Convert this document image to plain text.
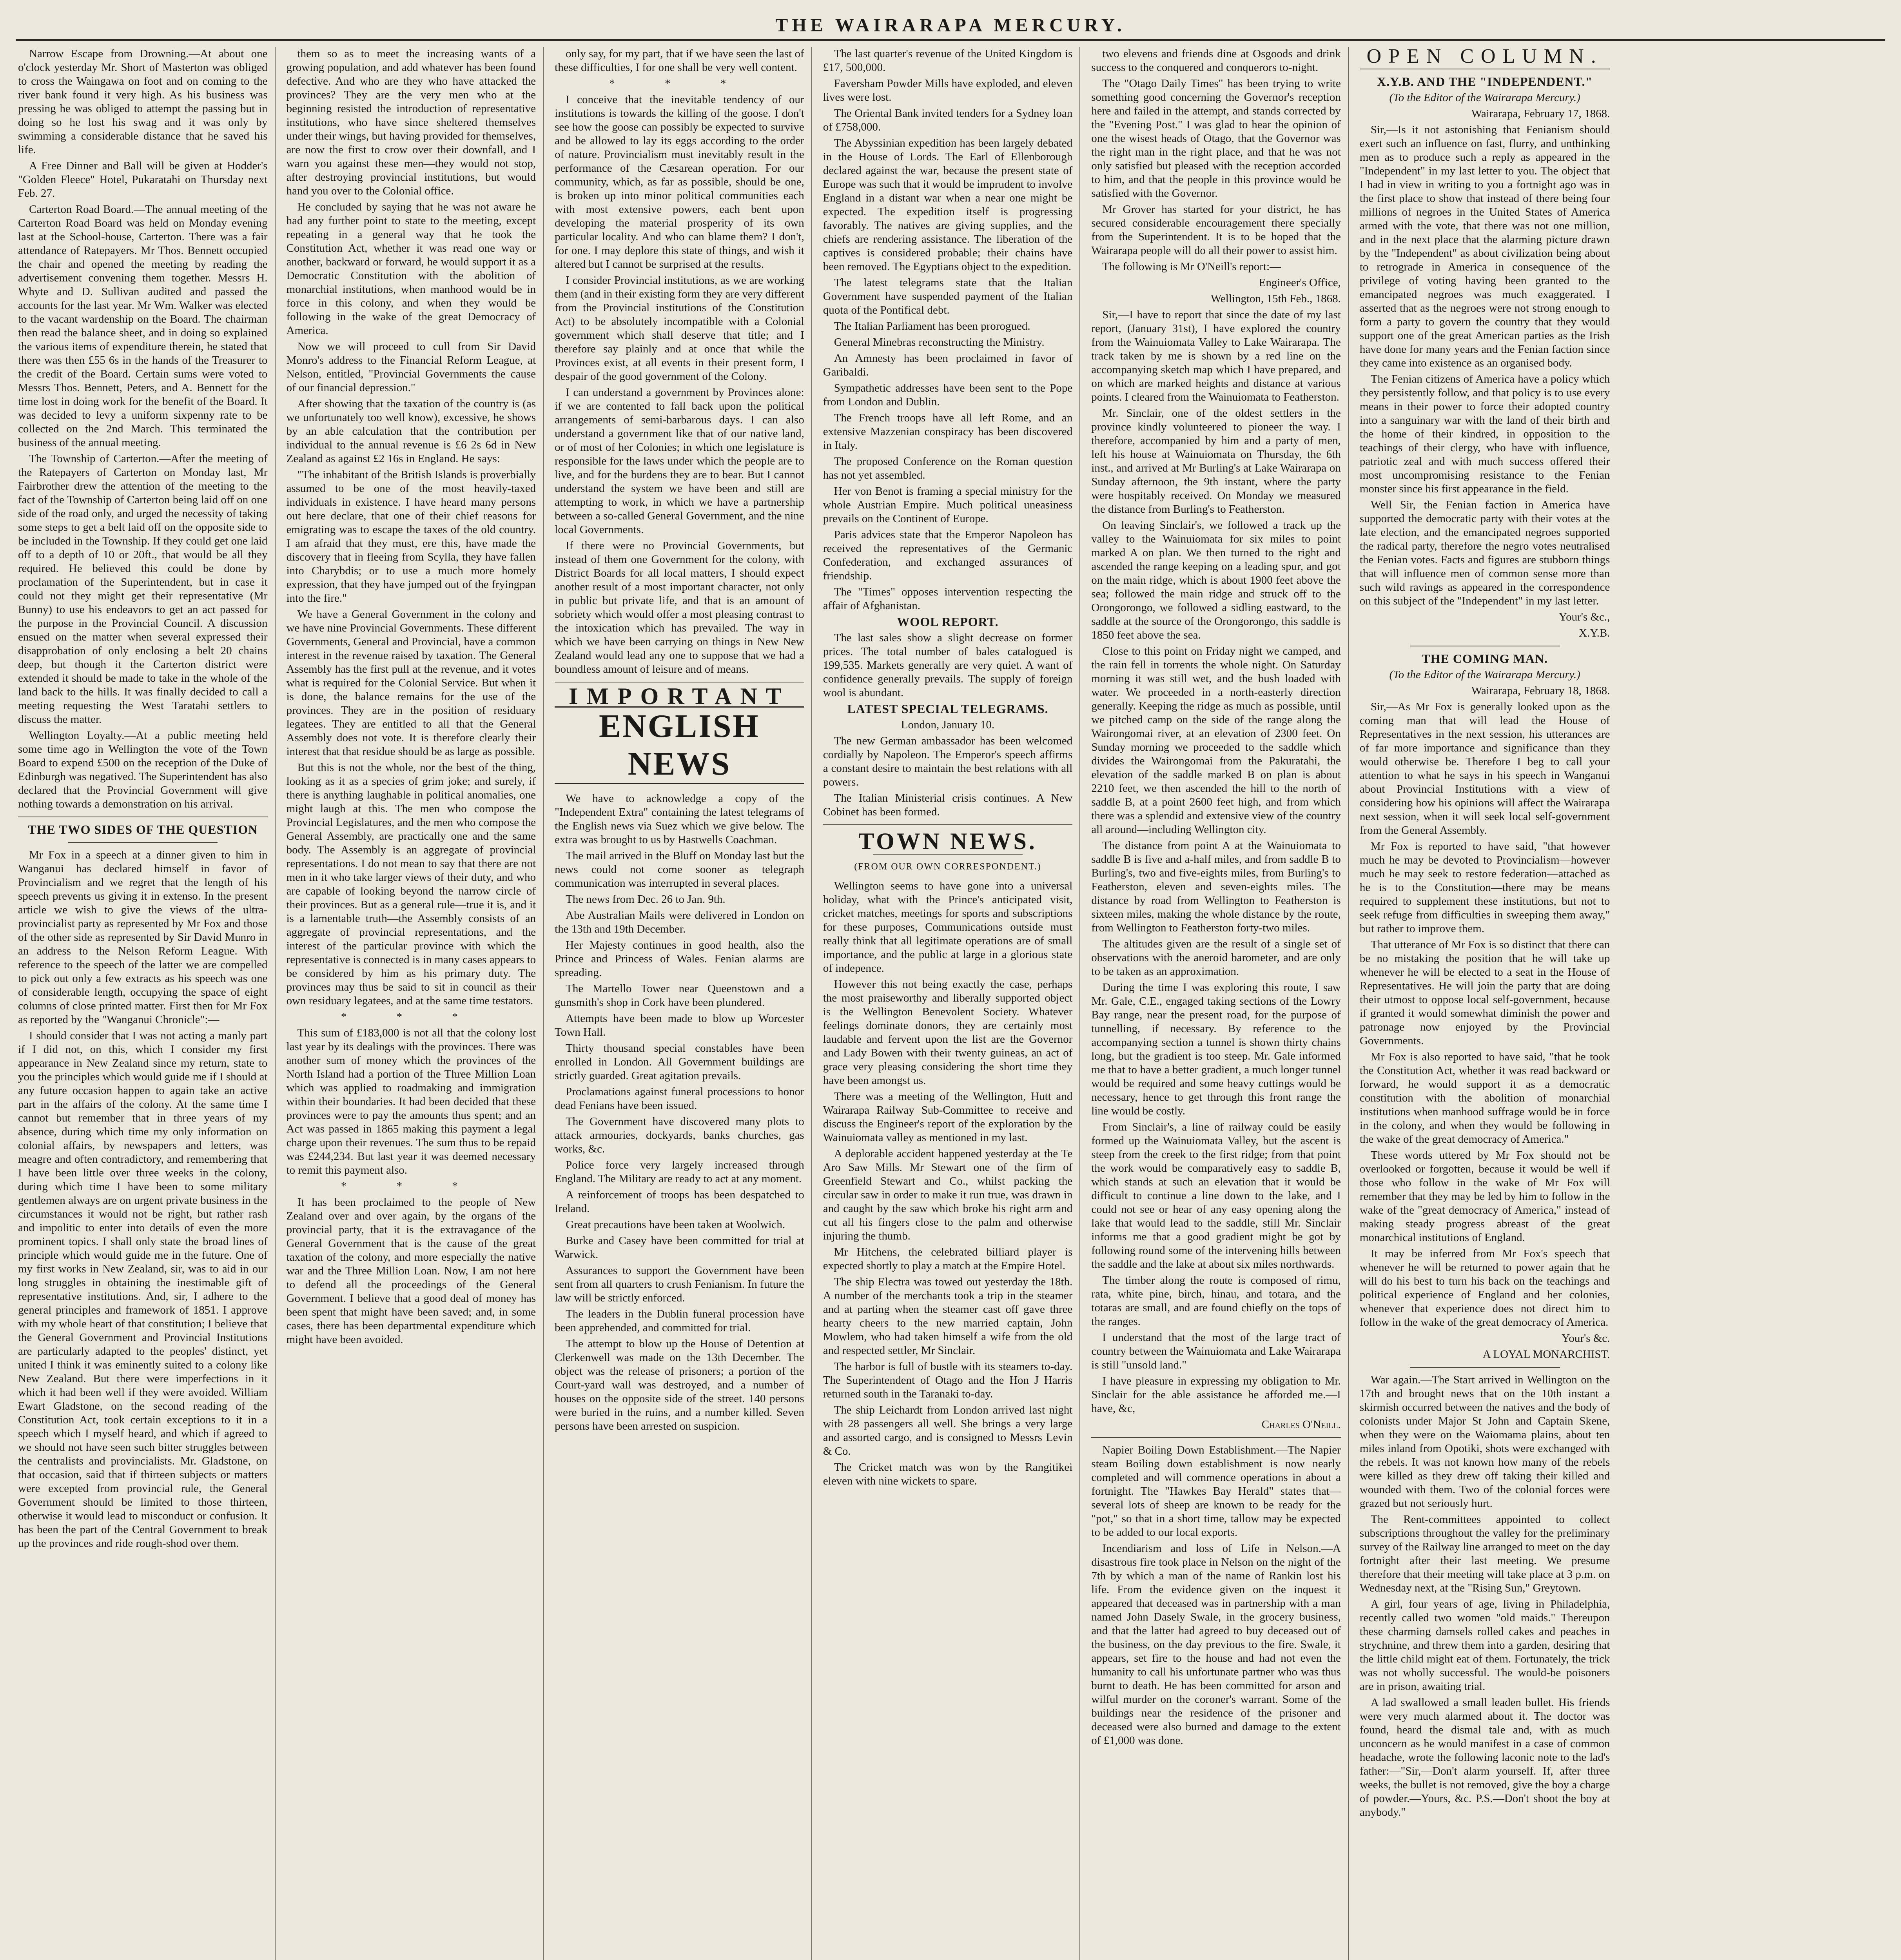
THE WAIRARAPA MERCURY.

Narrow Escape from Drowning.—At about one o'clock yesterday Mr. Short of Masterton was obliged to cross the Waingawa on foot and on coming to the river bank found it very high. As his business was pressing he was obliged to attempt the passing but in doing so he lost his swag and it was only by swimming a considerable distance that he saved his life.

A Free Dinner and Ball will be given at Hodder's "Golden Fleece" Hotel, Pukaratahi on Thursday next Feb. 27.

Carterton Road Board.—The annual meeting of the Carterton Road Board was held on Monday evening last at the School-house, Carterton. There was a fair attendance of Ratepayers. Mr Thos. Bennett occupied the chair and opened the meeting by reading the advertisement convening them together. Messrs H. Whyte and D. Sullivan audited and passed the accounts for the last year. Mr Wm. Walker was elected to the vacant wardenship on the Board. The chairman then read the balance sheet, and in doing so explained the various items of expenditure therein, he stated that there was then £55 6s in the hands of the Treasurer to the credit of the Board. Certain sums were voted to Messrs Thos. Bennett, Peters, and A. Bennett for the time lost in doing work for the benefit of the Board. It was decided to levy a uniform sixpenny rate to be collected on the 2nd March. This terminated the business of the annual meeting.

The Township of Carterton.—After the meeting of the Ratepayers of Carterton on Monday last, Mr Fairbrother drew the attention of the meeting to the fact of the Township of Carterton being laid off on one side of the road only, and urged the necessity of taking some steps to get a belt laid off on the opposite side to be included in the Township. If they could get one laid off to a depth of 10 or 20ft., that would be all they required. He believed this could be done by proclamation of the Superintendent, but in case it could not they might get their representative (Mr Bunny) to use his endeavors to get an act passed for the purpose in the Provincial Council. A discussion ensued on the matter when several expressed their disapprobation of only enclosing a belt 20 chains deep, but though it the Carterton district were extended it should be made to take in the whole of the land back to the hills. It was finally decided to call a meeting requesting the West Taratahi settlers to discuss the matter.

Wellington Loyalty.—At a public meeting held some time ago in Wellington the vote of the Town Board to expend £500 on the reception of the Duke of Edinburgh was negatived. The Superintendent has also declared that the Provincial Government will give nothing towards a demonstration on his arrival.

THE TWO SIDES OF THE QUESTION

Mr Fox in a speech at a dinner given to him in Wanganui has declared himself in favor of Provincialism and we regret that the length of his speech prevents us giving it in extenso. In the present article we wish to give the views of the ultra-provincialist party as represented by Mr Fox and those of the other side as represented by Sir David Munro in an address to the Nelson Reform League. With reference to the speech of the latter we are compelled to pick out only a few extracts as his speech was one of considerable length, occupying the space of eight columns of close printed matter. First then for Mr Fox as reported by the "Wanganui Chronicle":—

I should consider that I was not acting a manly part if I did not, on this, which I consider my first appearance in New Zealand since my return, state to you the principles which would guide me if I should at any future occasion happen to again take an active part in the affairs of the colony. At the same time I cannot but remember that in three years of my absence, during which time my only information on colonial affairs, by newspapers and letters, was meagre and often contradictory, and remembering that I have been little over three weeks in the colony, during which time I have been to some military gentlemen always are on urgent private business in the circumstances it would not be right, but rather rash and impolitic to enter into details of even the more prominent topics. I shall only state the broad lines of principle which would guide me in the future. One of my first works in New Zealand, sir, was to aid in our long struggles in obtaining the inestimable gift of representative institutions. And, sir, I adhere to the general principles and framework of 1851. I approve with my whole heart of that constitution; I believe that the General Government and Provincial Institutions are particularly adapted to the peoples' distinct, yet united I think it was eminently suited to a colony like New Zealand. But there were imperfections in it which it had been well if they were avoided. William Ewart Gladstone, on the second reading of the Constitution Act, took certain exceptions to it in a speech which I myself heard, and which if agreed to we should not have seen such bitter struggles between the centralists and provincialists. Mr. Gladstone, on that occasion, said that if thirteen subjects or matters were excepted from provincial rule, the General Government should be limited to those thirteen, otherwise it would lead to misconduct or confusion. It has been the part of the Central Government to break up the provinces and ride rough-shod over them.

them so as to meet the increasing wants of a growing population, and add whatever has been found defective. And who are they who have attacked the provinces? They are the very men who at the beginning resisted the introduction of representative institutions, who have since sheltered themselves under their wings, but having provided for themselves, are now the first to crow over their downfall, and I warn you against these men—they would not stop, after destroying provincial institutions, but would hand you over to the Colonial office.

He concluded by saying that he was not aware he had any further point to state to the meeting, except repeating in a general way that he took the Constitution Act, whether it was read one way or another, backward or forward, he would support it as a Democratic Constitution with the abolition of monarchial institutions, when manhood would be in force in this colony, and when they would be following in the wake of the great Democracy of America.

Now we will proceed to cull from Sir David Monro's address to the Financial Reform League, at Nelson, entitled, "Provincial Governments the cause of our financial depression."

After showing that the taxation of the country is (as we unfortunately too well know), excessive, he shows by an able calculation that the contribution per individual to the annual revenue is £6 2s 6d in New Zealand as against £2 16s in England. He says:

"The inhabitant of the British Islands is proverbially assumed to be one of the most heavily-taxed individuals in existence. I have heard many persons out here declare, that one of their chief reasons for emigrating was to escape the taxes of the old country. I am afraid that they must, ere this, have made the discovery that in fleeing from Scylla, they have fallen into Charybdis; or to use a much more homely expression, that they have jumped out of the fryingpan into the fire."

We have a General Government in the colony and we have nine Provincial Governments. These different Governments, General and Provincial, have a common interest in the revenue raised by taxation. The General Assembly has the first pull at the revenue, and it votes what is required for the Colonial Service. But when it is done, the balance remains for the use of the provinces. They are in the position of residuary legatees. They are entitled to all that the General Assembly does not vote. It is therefore clearly their interest that that residue should be as large as possible.

But this is not the whole, nor the best of the thing, looking as it as a species of grim joke; and surely, if there is anything laughable in political anomalies, one might laugh at this. The men who compose the Provincial Legislatures, and the men who compose the General Assembly, are practically one and the same body. The Assembly is an aggregate of provincial representations. I do not mean to say that there are not men in it who take larger views of their duty, and who are capable of looking beyond the narrow circle of their provinces. But as a general rule—true it is, and it is a lamentable truth—the Assembly consists of an aggregate of provincial representations, and the interest of the particular province with which the representative is connected is in many cases appears to be considered by him as his primary duty. The provinces may thus be said to sit in council as their own residuary legatees, and at the same time testators.

* * *

This sum of £183,000 is not all that the colony lost last year by its dealings with the provinces. There was another sum of money which the provinces of the North Island had a portion of the Three Million Loan which was applied to roadmaking and immigration within their boundaries. It had been decided that these provinces were to pay the amounts thus spent; and an Act was passed in 1865 making this payment a legal charge upon their revenues. The sum thus to be repaid was £244,234. But last year it was deemed necessary to remit this payment also.

* * *

It has been proclaimed to the people of New Zealand over and over again, by the organs of the provincial party, that it is the extravagance of the General Government that is the cause of the great taxation of the colony, and more especially the native war and the Three Million Loan. Now, I am not here to defend all the proceedings of the General Government. I believe that a good deal of money has been spent that might have been saved; and, in some cases, there has been departmental expenditure which might have been avoided.

only say, for my part, that if we have seen the last of these difficulties, I for one shall be very well content.

* * *

I conceive that the inevitable tendency of our institutions is towards the killing of the goose. I don't see how the goose can possibly be expected to survive and be allowed to lay its eggs according to the order of nature. Provincialism must inevitably result in the performance of the Cæsarean operation. For our community, which, as far as possible, should be one, is broken up into minor political communities each with most extensive powers, each bent upon developing the material prosperity of its own particular locality. And who can blame them? I don't, for one. I may deplore this state of things, and wish it altered but I cannot be surprised at the results.

I consider Provincial institutions, as we are working them (and in their existing form they are very different from the Provincial institutions of the Constitution Act) to be absolutely incompatible with a Colonial government which shall deserve that title; and I therefore say plainly and at once that while the Provinces exist, at all events in their present form, I despair of the good government of the Colony.

I can understand a government by Provinces alone: if we are contented to fall back upon the political arrangements of semi-barbarous days. I can also understand a government like that of our native land, or of most of her Colonies; in which one legislature is responsible for the laws under which the people are to live, and for the burdens they are to bear. But I cannot understand the system we have been and still are attempting to work, in which we have a partnership between a so-called General Government, and the nine local Governments.

If there were no Provincial Governments, but instead of them one Government for the colony, with District Boards for all local matters, I should expect another result of a most important character, not only in public but private life, and that is an amount of sobriety which would offer a most pleasing contrast to the intoxication which has prevailed. The way in which we have been carrying on things in New New Zealand would lead any one to suppose that we had a boundless amount of leisure and of means.

IMPORTANT
ENGLISH NEWS

We have to acknowledge a copy of the "Independent Extra" containing the latest telegrams of the English news via Suez which we give below. The extra was brought to us by Hastwells Coachman.

The mail arrived in the Bluff on Monday last but the news could not come sooner as telegraph communication was interrupted in several places.

The news from Dec. 26 to Jan. 9th.

Abe Australian Mails were delivered in London on the 13th and 19th December.

Her Majesty continues in good health, also the Prince and Princess of Wales. Fenian alarms are spreading.

The Martello Tower near Queenstown and a gunsmith's shop in Cork have been plundered.

Attempts have been made to blow up Worcester Town Hall.

Thirty thousand special constables have been enrolled in London. All Government buildings are strictly guarded. Great agitation prevails.

Proclamations against funeral processions to honor dead Fenians have been issued.

The Government have discovered many plots to attack armouries, dockyards, banks churches, gas works, &c.

Police force very largely increased through England. The Military are ready to act at any moment.

A reinforcement of troops has been despatched to Ireland.

Great precautions have been taken at Woolwich.

Burke and Casey have been committed for trial at Warwick.

Assurances to support the Government have been sent from all quarters to crush Fenianism. In future the law will be strictly enforced.

The leaders in the Dublin funeral procession have been apprehended, and committed for trial.

The attempt to blow up the House of Detention at Clerkenwell was made on the 13th December. The object was the release of prisoners; a portion of the Court-yard wall was destroyed, and a number of houses on the opposite side of the street. 140 persons were buried in the ruins, and a number killed. Seven persons have been arrested on suspicion.

The last quarter's revenue of the United Kingdom is £17, 500,000.

Faversham Powder Mills have exploded, and eleven lives were lost.

The Oriental Bank invited tenders for a Sydney loan of £758,000.

The Abyssinian expedition has been largely debated in the House of Lords. The Earl of Ellenborough declared against the war, because the present state of Europe was such that it would be imprudent to involve England in a distant war when a near one might be expected. The expedition itself is progressing favorably. The natives are giving supplies, and the chiefs are rendering assistance. The liberation of the captives is considered probable; their chains have been removed. The Egyptians object to the expedition.

The latest telegrams state that the Italian Government have suspended payment of the Italian quota of the Pontifical debt.

The Italian Parliament has been prorogued.

General Minebras reconstructing the Ministry.

An Amnesty has been proclaimed in favor of Garibaldi.

Sympathetic addresses have been sent to the Pope from London and Dublin.

The French troops have all left Rome, and an extensive Mazzenian conspiracy has been discovered in Italy.

The proposed Conference on the Roman question has not yet assembled.

Her von Benot is framing a special ministry for the whole Austrian Empire. Much political uneasiness prevails on the Continent of Europe.

Paris advices state that the Emperor Napoleon has received the representatives of the Germanic Confederation, and exchanged assurances of friendship.

The "Times" opposes intervention respecting the affair of Afghanistan.

WOOL REPORT.

The last sales show a slight decrease on former prices. The total number of bales catalogued is 199,535. Markets generally are very quiet. A want of confidence generally prevails. The supply of foreign wool is abundant.

LATEST SPECIAL TELEGRAMS.

London, January 10.

The new German ambassador has been welcomed cordially by Napoleon. The Emperor's speech affirms a constant desire to maintain the best relations with all powers.

The Italian Ministerial crisis continues. A New Cobinet has been formed.

TOWN NEWS.
(FROM OUR OWN CORRESPONDENT.)

Wellington seems to have gone into a universal holiday, what with the Prince's anticipated visit, cricket matches, meetings for sports and subscriptions for these purposes, Communications outside must really think that all legitimate operations are of small importance, and the public at large in a glorious state of indepence.

However this not being exactly the case, perhaps the most praiseworthy and liberally supported object is the Wellington Benevolent Society. Whatever feelings dominate donors, they are certainly most laudable and fervent upon the list are the Governor and Lady Bowen with their twenty guineas, an act of grace very pleasing considering the short time they have been amongst us.

There was a meeting of the Wellington, Hutt and Wairarapa Railway Sub-Committee to receive and discuss the Engineer's report of the exploration by the Wainuiomata valley as mentioned in my last.

A deplorable accident happened yesterday at the Te Aro Saw Mills. Mr Stewart one of the firm of Greenfield Stewart and Co., whilst packing the circular saw in order to make it run true, was drawn in and caught by the saw which broke his right arm and cut all his fingers close to the palm and otherwise injuring the thumb.

Mr Hitchens, the celebrated billiard player is expected shortly to play a match at the Empire Hotel.

The ship Electra was towed out yesterday the 18th. A number of the merchants took a trip in the steamer and at parting when the steamer cast off gave three hearty cheers to the new married captain, John Mowlem, who had taken himself a wife from the old and respected settler, Mr Sinclair.

The harbor is full of bustle with its steamers to-day. The Superintendent of Otago and the Hon J Harris returned south in the Taranaki to-day.

The ship Leichardt from London arrived last night with 28 passengers all well. She brings a very large and assorted cargo, and is consigned to Messrs Levin & Co.

The Cricket match was won by the Rangitikei eleven with nine wickets to spare.

two elevens and friends dine at Osgoods and drink success to the conquered and conquerors to-night.

The "Otago Daily Times" has been trying to write something good concerning the Governor's reception here and failed in the attempt, and stands corrected by the "Evening Post." I was glad to hear the opinion of one the wisest heads of Otago, that the Governor was the right man in the right place, and that he was not only satisfied but pleased with the reception accorded to him, and that the people in this province would be satisfied with the Governor.

Mr Grover has started for your district, he has secured considerable encouragement there specially from the Superintendent. It is to be hoped that the Wairarapa people will do all their power to assist him.

The following is Mr O'Neill's report:—

Engineer's Office,

Wellington, 15th Feb., 1868.

Sir,—I have to report that since the date of my last report, (January 31st), I have explored the country from the Wainuiomata Valley to Lake Wairarapa. The track taken by me is shown by a red line on the accompanying sketch map which I have prepared, and on which are marked heights and distance at various points. I cleared from the Wainuiomata to Featherston.

Mr. Sinclair, one of the oldest settlers in the province kindly volunteered to pioneer the way. I therefore, accompanied by him and a party of men, left his house at Wainuiomata on Thursday, the 6th inst., and arrived at Mr Burling's at Lake Wairarapa on Sunday afternoon, the 9th instant, where the party were hospitably received. On Monday we measured the distance from Burling's to Featherston.

On leaving Sinclair's, we followed a track up the valley to the Wainuiomata for six miles to point marked A on plan. We then turned to the right and ascended the range keeping on a leading spur, and got on the main ridge, which is about 1900 feet above the sea; followed the main ridge and struck off to the Orongorongo, we followed a sidling eastward, to the saddle at the source of the Orongorongo, this saddle is 1850 feet above the sea.

Close to this point on Friday night we camped, and the rain fell in torrents the whole night. On Saturday morning it was still wet, and the bush loaded with water. We proceeded in a north-easterly direction generally. Keeping the ridge as much as possible, until we pitched camp on the side of the range along the Wairongomai river, at an elevation of 2300 feet. On Sunday morning we proceeded to the saddle which divides the Wairongomai from the Pakuratahi, the elevation of the saddle marked B on plan is about 2210 feet, we then ascended the hill to the north of saddle B, at a point 2600 feet high, and from which there was a splendid and extensive view of the country all around—including Wellington city.

The distance from point A at the Wainuiomata to saddle B is five and a-half miles, and from saddle B to Burling's, two and five-eights miles, from Burling's to Featherston, eleven and seven-eights miles. The distance by road from Wellington to Featherston is sixteen miles, making the whole distance by the route, from Wellington to Featherston forty-two miles.

The altitudes given are the result of a single set of observations with the aneroid barometer, and are only to be taken as an approximation.

During the time I was exploring this route, I saw Mr. Gale, C.E., engaged taking sections of the Lowry Bay range, near the present road, for the purpose of tunnelling, if necessary. By reference to the accompanying section a tunnel is shown thirty chains long, but the gradient is too steep. Mr. Gale informed me that to have a better gradient, a much longer tunnel would be required and some heavy cuttings would be necessary, hence to get through this front range the line would be costly.

From Sinclair's, a line of railway could be easily formed up the Wainuiomata Valley, but the ascent is steep from the creek to the first ridge; from that point the work would be comparatively easy to saddle B, which stands at such an elevation that it would be difficult to continue a line down to the lake, and I could not see or hear of any easy opening along the lake that would lead to the saddle, still Mr. Sinclair informs me that a good gradient might be got by following round some of the intervening hills between the saddle and the lake at about six miles northwards.

The timber along the route is composed of rimu, rata, white pine, birch, hinau, and totara, and the totaras are small, and are found chiefly on the tops of the ranges.

I understand that the most of the large tract of country between the Wainuiomata and Lake Wairarapa is still "unsold land."

I have pleasure in expressing my obligation to Mr. Sinclair for the able assistance he afforded me.—I have, &c,

Charles O'Neill.

Napier Boiling Down Establishment.—The Napier steam Boiling down establishment is now nearly completed and will commence operations in about a fortnight. The "Hawkes Bay Herald" states that—several lots of sheep are known to be ready for the "pot," so that in a short time, tallow may be expected to be added to our local exports.

Incendiarism and loss of Life in Nelson.—A disastrous fire took place in Nelson on the night of the 7th by which a man of the name of Rankin lost his life. From the evidence given on the inquest it appeared that deceased was in partnership with a man named John Dasely Swale, in the grocery business, and that the latter had agreed to buy deceased out of the business, on the day previous to the fire. Swale, it appears, set fire to the house and had not even the humanity to call his unfortunate partner who was thus burnt to death. He has been committed for arson and wilful murder on the coroner's warrant. Some of the buildings near the residence of the prisoner and deceased were also burned and damage to the extent of £1,000 was done.

OPEN COLUMN.

X.Y.B. AND THE "INDEPENDENT."

(To the Editor of the Wairarapa Mercury.)

Wairarapa, February 17, 1868.

Sir,—Is it not astonishing that Fenianism should exert such an influence on fast, flurry, and unthinking men as to produce such a reply as appeared in the "Independent" in my last letter to you. The object that I had in view in writing to you a fortnight ago was in the first place to show that instead of there being four millions of negroes in the United States of America armed with the vote, that there was not one million, and in the next place that the alarming picture drawn by the "Independent" as about civilization being about to retrograde in America in consequence of the privilege of voting having been granted to the emancipated negroes was much exaggerated. I asserted that as the negroes were not strong enough to form a party to govern the country that they would support one of the great American parties as the Irish have done for many years and the Fenian faction since they came into existence as an organised body.

The Fenian citizens of America have a policy which they persistently follow, and that policy is to use every means in their power to force their adopted country into a sanguinary war with the land of their birth and the home of their kindred, in opposition to the teachings of their clergy, who have with influence, patriotic zeal and with much success offered their most uncompromising resistance to the Fenian monster since his first appearance in the field.

Well Sir, the Fenian faction in America have supported the democratic party with their votes at the late election, and the emancipated negroes supported the radical party, therefore the negro votes neutralised the Fenian votes. Facts and figures are stubborn things that will influence men of common sense more than such wild ravings as appeared in the correspondence on this subject of the "Independent" in my last letter.

Your's &c.,

X.Y.B.

THE COMING MAN.

(To the Editor of the Wairarapa Mercury.)

Wairarapa, February 18, 1868.

Sir,—As Mr Fox is generally looked upon as the coming man that will lead the House of Representatives in the next session, his utterances are of far more importance and significance than they would otherwise be. Therefore I beg to call your attention to what he says in his speech in Wanganui about Provincial Institutions with a view of considering how his opinions will affect the Wairarapa next session, when it will seek local self-government from the General Assembly.

Mr Fox is reported to have said, "that however much he may be devoted to Provincialism—however much he may seek to restore federation—attached as he is to the Constitution—there may be means required to supplement these institutions, but not to seek refuge from difficulties in sweeping them away," but rather to improve them.

That utterance of Mr Fox is so distinct that there can be no mistaking the position that he will take up whenever he will be elected to a seat in the House of Representatives. He will join the party that are doing their utmost to oppose local self-government, because if granted it would somewhat diminish the power and patronage now enjoyed by the Provincial Governments.

Mr Fox is also reported to have said, "that he took the Constitution Act, whether it was read backward or forward, he would support it as a democratic constitution with the abolition of monarchial institutions when manhood suffrage would be in force in the colony, and when they would be following in the wake of the great democracy of America."

These words uttered by Mr Fox should not be overlooked or forgotten, because it would be well if those who follow in the wake of Mr Fox will remember that they may be led by him to follow in the wake of the "great democracy of America," instead of making steady progress abreast of the great monarchical institutions of England.

It may be inferred from Mr Fox's speech that whenever he will be returned to power again that he will do his best to turn his back on the teachings and political experience of England and her colonies, whenever that experience does not direct him to follow in the wake of the great democracy of America.

Your's &c.

A LOYAL MONARCHIST.

War again.—The Start arrived in Wellington on the 17th and brought news that on the 10th instant a skirmish occurred between the natives and the body of colonists under Major St John and Captain Skene, when they were on the Waiomama plains, about ten miles inland from Opotiki, shots were exchanged with the rebels. It was not known how many of the rebels were killed as they drew off taking their killed and wounded with them. Two of the colonial forces were grazed but not seriously hurt.

The Rent-committees appointed to collect subscriptions throughout the valley for the preliminary survey of the Railway line arranged to meet on the day fortnight after their last meeting. We presume therefore that their meeting will take place at 3 p.m. on Wednesday next, at the "Rising Sun," Greytown.

A girl, four years of age, living in Philadelphia, recently called two women "old maids." Thereupon these charming damsels rolled cakes and peaches in strychnine, and threw them into a garden, desiring that the little child might eat of them. Fortunately, the trick was not wholly successful. The would-be poisoners are in prison, awaiting trial.

A lad swallowed a small leaden bullet. His friends were very much alarmed about it. The doctor was found, heard the dismal tale and, with as much unconcern as he would manifest in a case of common headache, wrote the following laconic note to the lad's father:—"Sir,—Don't alarm yourself. If, after three weeks, the bullet is not removed, give the boy a charge of powder.—Yours, &c. P.S.—Don't shoot the boy at anybody."
